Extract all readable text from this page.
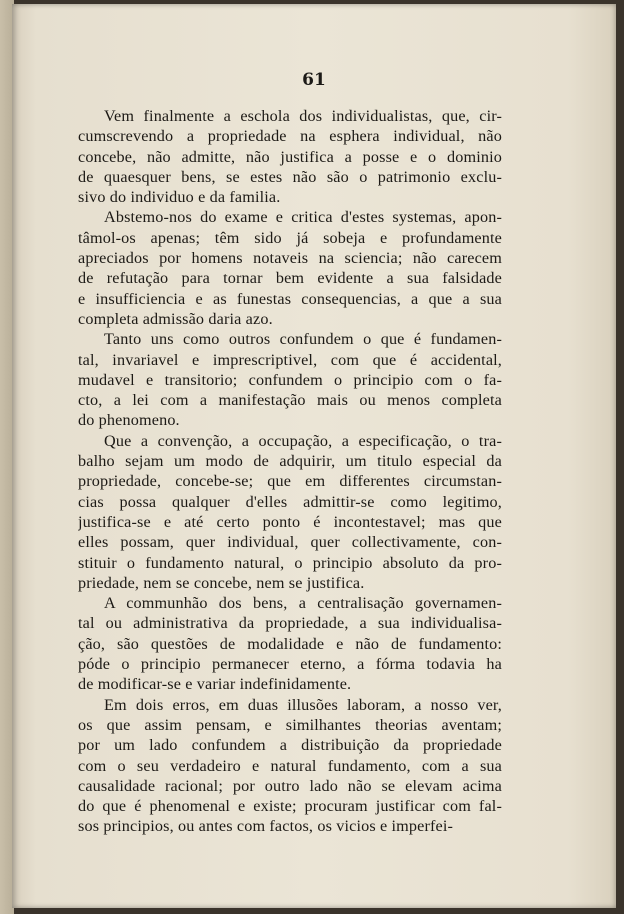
61
Vem finalmente a eschola dos individualistas, que, cir-
cumscrevendo a propriedade na esphera individual, não
concebe, não admitte, não justifica a posse e o dominio
de quaesquer bens, se estes não são o patrimonio exclu-
sivo do individuo e da familia.
Abstemo-nos do exame e critica d'estes systemas, apon-
tâmol-os apenas; têm sido já sobeja e profundamente
apreciados por homens notaveis na sciencia; não carecem
de refutação para tornar bem evidente a sua falsidade
e insufficiencia e as funestas consequencias, a que a sua
completa admissão daria azo.
Tanto uns como outros confundem o que é fundamen-
tal, invariavel e imprescriptivel, com que é accidental,
mudavel e transitorio; confundem o principio com o fa-
cto, a lei com a manifestação mais ou menos completa
do phenomeno.
Que a convenção, a occupação, a especificação, o tra-
balho sejam um modo de adquirir, um titulo especial da
propriedade, concebe-se; que em differentes circumstan-
cias possa qualquer d'elles admittir-se como legitimo,
justifica-se e até certo ponto é incontestavel; mas que
elles possam, quer individual, quer collectivamente, con-
stituir o fundamento natural, o principio absoluto da pro-
priedade, nem se concebe, nem se justifica.
A communhão dos bens, a centralisação governamen-
tal ou administrativa da propriedade, a sua individualisa-
ção, são questões de modalidade e não de fundamento:
póde o principio permanecer eterno, a fórma todavia ha
de modificar-se e variar indefinidamente.
Em dois erros, em duas illusões laboram, a nosso ver,
os que assim pensam, e similhantes theorias aventam;
por um lado confundem a distribuição da propriedade
com o seu verdadeiro e natural fundamento, com a sua
causalidade racional; por outro lado não se elevam acima
do que é phenomenal e existe; procuram justificar com fal-
sos principios, ou antes com factos, os vicios e imperfei-
